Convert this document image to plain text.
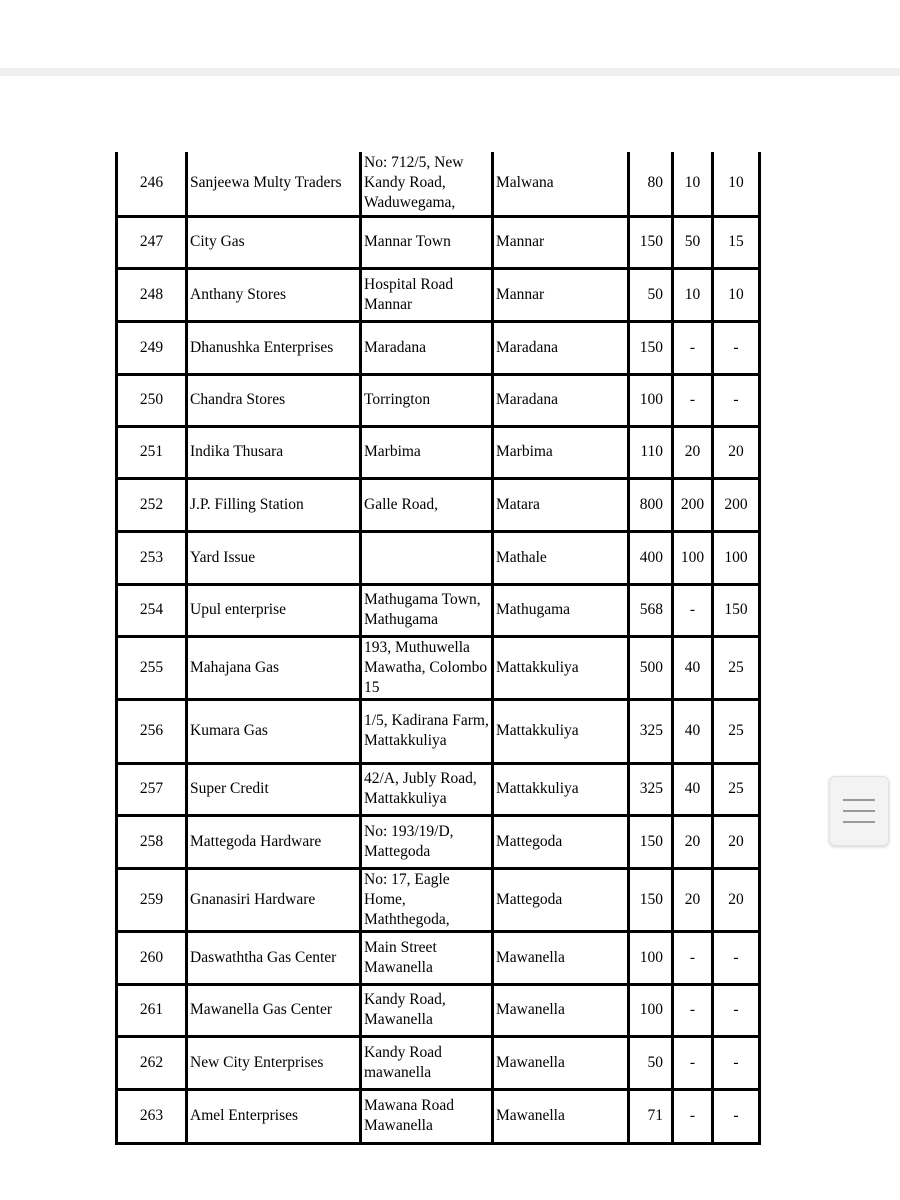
246	Sanjeewa Multy Traders	No: 712/5, New Kandy Road, Waduwegama,	Malwana	80	10	10
247	City Gas	Mannar Town	Mannar	150	50	15
248	Anthany Stores	Hospital Road Mannar	Mannar	50	10	10
249	Dhanushka Enterprises	Maradana	Maradana	150	-	-
250	Chandra Stores	Torrington	Maradana	100	-	-
251	Indika Thusara	Marbima	Marbima	110	20	20
252	J.P. Filling Station	Galle Road,	Matara	800	200	200
253	Yard Issue		Mathale	400	100	100
254	Upul enterprise	Mathugama Town, Mathugama	Mathugama	568	-	150
255	Mahajana Gas	193, Muthuwella Mawatha, Colombo 15	Mattakkuliya	500	40	25
256	Kumara Gas	1/5, Kadirana Farm, Mattakkuliya	Mattakkuliya	325	40	25
257	Super Credit	42/A, Jubly Road, Mattakkuliya	Mattakkuliya	325	40	25
258	Mattegoda Hardware	No: 193/19/D, Mattegoda	Mattegoda	150	20	20
259	Gnanasiri Hardware	No: 17, Eagle Home, Maththegoda,	Mattegoda	150	20	20
260	Daswaththa Gas Center	Main Street Mawanella	Mawanella	100	-	-
261	Mawanella Gas Center	Kandy Road, Mawanella	Mawanella	100	-	-
262	New City Enterprises	Kandy Road mawanella	Mawanella	50	-	-
263	Amel Enterprises	Mawana Road Mawanella	Mawanella	71	-	-
